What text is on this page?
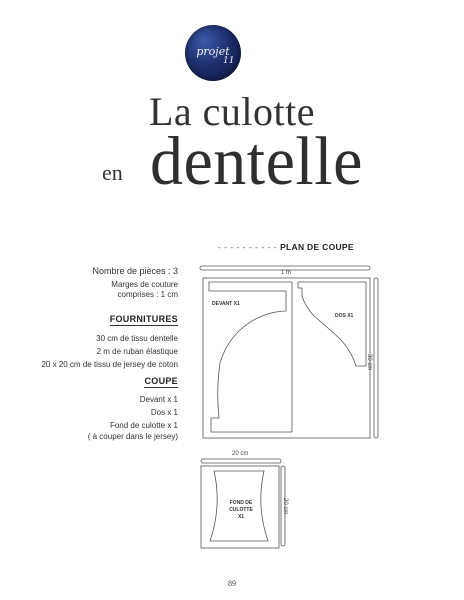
projet
11
La culotte
en dentelle
Nombre de pièces : 3
Marges de couture
comprises : 1 cm
FOURNITURES
30 cm de tissu dentelle
2 m de ruban élastique
20 x 20 cm de tissu de jersey de coton
COUPE
Devant x 1
Dos x 1
Fond de culotte x 1
( à couper dans le jersey)
- - - - - - - - - - PLAN DE COUPE
1 m
30 cm
DEVANT X1
DOS X1
20 cm
20 cm
FOND DE
CULOTTE
X1
89
